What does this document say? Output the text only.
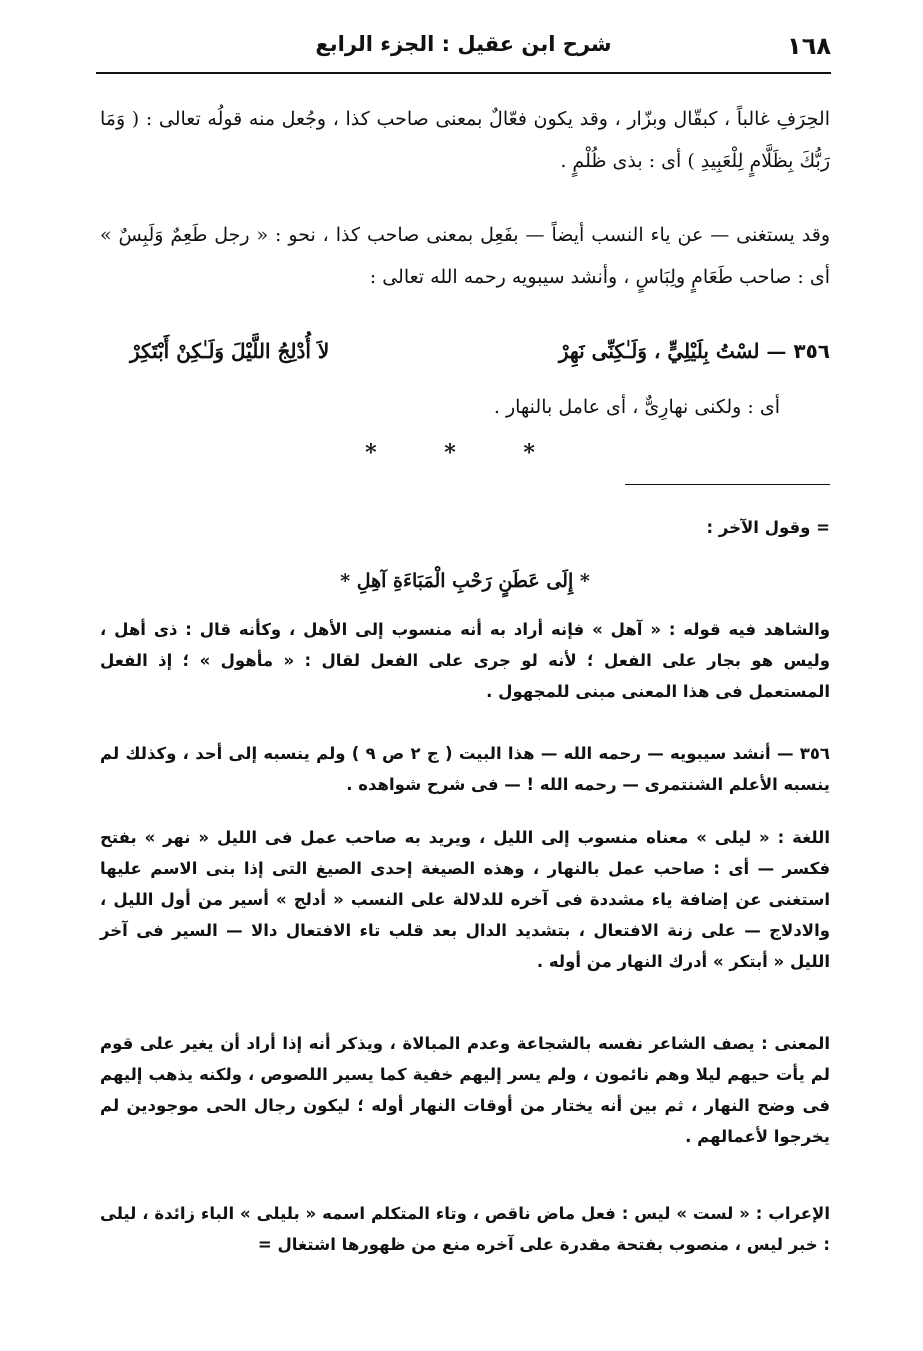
١٦٨
شرح ابن عقيل : الجزء الرابع
الحِرَفِ غالباً ، كبقّال وبزّار ، وقد يكون فعّالٌ بمعنى صاحب كذا ، وجُعل منه قولُه تعالى : ( وَمَا رَبُّكَ بِظَلَّامٍ لِلْعَبِيدِ ) أى : بذى ظُلْمٍ .
وقد يستغنى — عن ياء النسب أيضاً — بفَعِل بمعنى صاحب كذا ، نحو : « رجل طَعِمٌ وَلَبِسٌ » أى : صاحب طَعَامٍ ولِبَاسٍ ، وأنشد سيبويه رحمه الله تعالى :
٣٥٦ — لسْتُ بِلَيْلِيٍّ ، وَلَـٰكِنِّى نَهِرْ
لاَ أُدْلِجُ اللَّيْلَ وَلَـٰكِنْ أَبْتَكِرْ
أى : ولكنى نهارِىٌّ ، أى عامل بالنهار .
* * *
= وقول الآخر :
* إِلَى عَطَنٍ رَحْبِ الْمَبَاءَةِ آهِلِ *
والشاهد فيه قوله : « آهل » فإنه أراد به أنه منسوب إلى الأهل ، وكأنه قال : ذى أهل ، وليس هو بجار على الفعل ؛ لأنه لو جرى على الفعل لقال : « مأهول » ؛ إذ الفعل المستعمل فى هذا المعنى مبنى للمجهول .
٣٥٦ — أنشد سيبويه — رحمه الله — هذا البيت ( ج ٢ ص ٩ ) ولم ينسبه إلى أحد ، وكذلك لم ينسبه الأعلم الشنتمرى — رحمه الله ! — فى شرح شواهده .
اللغة : « ليلى » معناه منسوب إلى الليل ، ويريد به صاحب عمل فى الليل « نهر » بفتح فكسر — أى : صاحب عمل بالنهار ، وهذه الصيغة إحدى الصيغ التى إذا بنى الاسم عليها استغنى عن إضافة ياء مشددة فى آخره للدلالة على النسب « أدلج » أسير من أول الليل ، والادلاج — على زنة الافتعال ، بتشديد الدال بعد قلب تاء الافتعال دالا — السير فى آخر الليل « أبتكر » أدرك النهار من أوله .
المعنى : يصف الشاعر نفسه بالشجاعة وعدم المبالاة ، ويذكر أنه إذا أراد أن يغير على قوم لم يأت حيهم ليلا وهم نائمون ، ولم يسر إليهم خفية كما يسير اللصوص ، ولكنه يذهب إليهم فى وضح النهار ، ثم بين أنه يختار من أوقات النهار أوله ؛ ليكون رجال الحى موجودين لم يخرجوا لأعمالهم .
الإعراب : « لست » ليس : فعل ماض ناقص ، وتاء المتكلم اسمه « بليلى » الباء زائدة ، ليلى : خبر ليس ، منصوب بفتحة مقدرة على آخره منع من ظهورها اشتغال =
